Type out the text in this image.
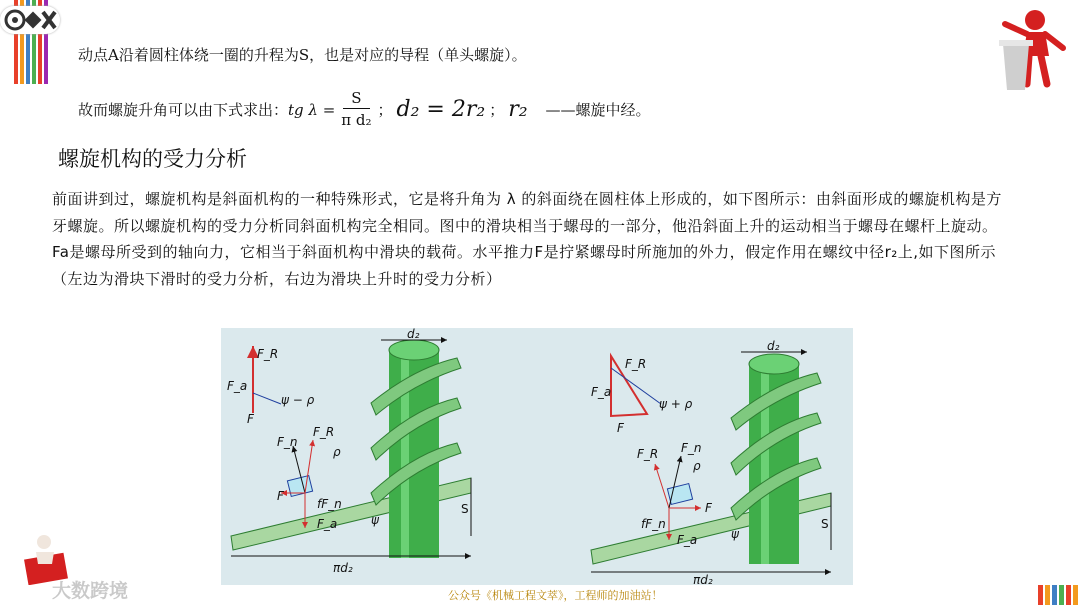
动点A沿着圆柱体绕一圈的升程为S，也是对应的导程（单头螺旋）。
故而螺旋升角可以由下式求出： tg $\lambda = \frac{S}{\text{π d₂}}$ ； d₂ = 2r₂ ； r₂ ——螺旋中经。
螺旋机构的受力分析
前面讲到过，螺旋机构是斜面机构的一种特殊形式，它是将升角为 λ 的斜面绕在圆柱体上形成的，如下图所示：由斜面形成的螺旋机构是方牙螺旋。所以螺旋机构的受力分析同斜面机构完全相同。图中的滑块相当于螺母的一部分，他沿斜面上升的运动相当于螺母在螺杆上旋动。Fa是螺母所受到的轴向力，它相当于斜面机构中滑块的载荷。水平推力F是拧紧螺母时所施加的外力，假定作用在螺纹中径r₂上,如下图所示（左边为滑块下滑时的受力分析，右边为滑块上升时的受力分析）
d₂
S
πd₂
ψ
F_R
F_a
F
ψ − ρ
F_n
F_R
ρ
F
fF_n
F_a
d₂
S
πd₂
ψ
F_R
F_a
F
ψ + ρ
F_R F_n
ρ
F
fF_n
F_a
公众号《机械工程文萃》，工程师的加油站！
大数跨境
